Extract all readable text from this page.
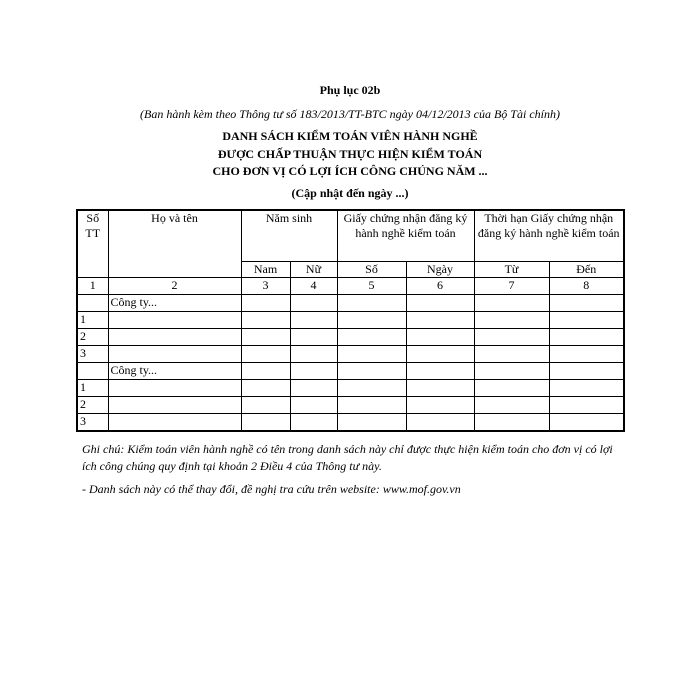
Phụ lục 02b
(Ban hành kèm theo Thông tư số 183/2013/TT-BTC ngày 04/12/2013 của Bộ Tài chính)
DANH SÁCH KIỂM TOÁN VIÊN HÀNH NGHỀ
ĐƯỢC CHẤP THUẬN THỰC HIỆN KIỂM TOÁN
CHO ĐƠN VỊ CÓ LỢI ÍCH CÔNG CHÚNG NĂM ...
(Cập nhật đến ngày ...)
Số TT	Họ và tên	Năm sinh		Giấy chứng nhận đăng ký hành nghề kiểm toán		Thời hạn Giấy chứng nhận đăng ký hành nghề kiểm toán	
		Nam	Nữ	Số	Ngày	Từ	Đến
1	2	3	4	5	6	7	8
	Công ty...						
1							
2							
3							
	Công ty...						
1							
2							
3							
Ghi chú: Kiểm toán viên hành nghề có tên trong danh sách này chỉ được thực hiện kiểm toán cho đơn vị có lợi ích công chúng quy định tại khoản 2 Điều 4 của Thông tư này.
- Danh sách này có thể thay đổi, đề nghị tra cứu trên website: www.mof.gov.vn
